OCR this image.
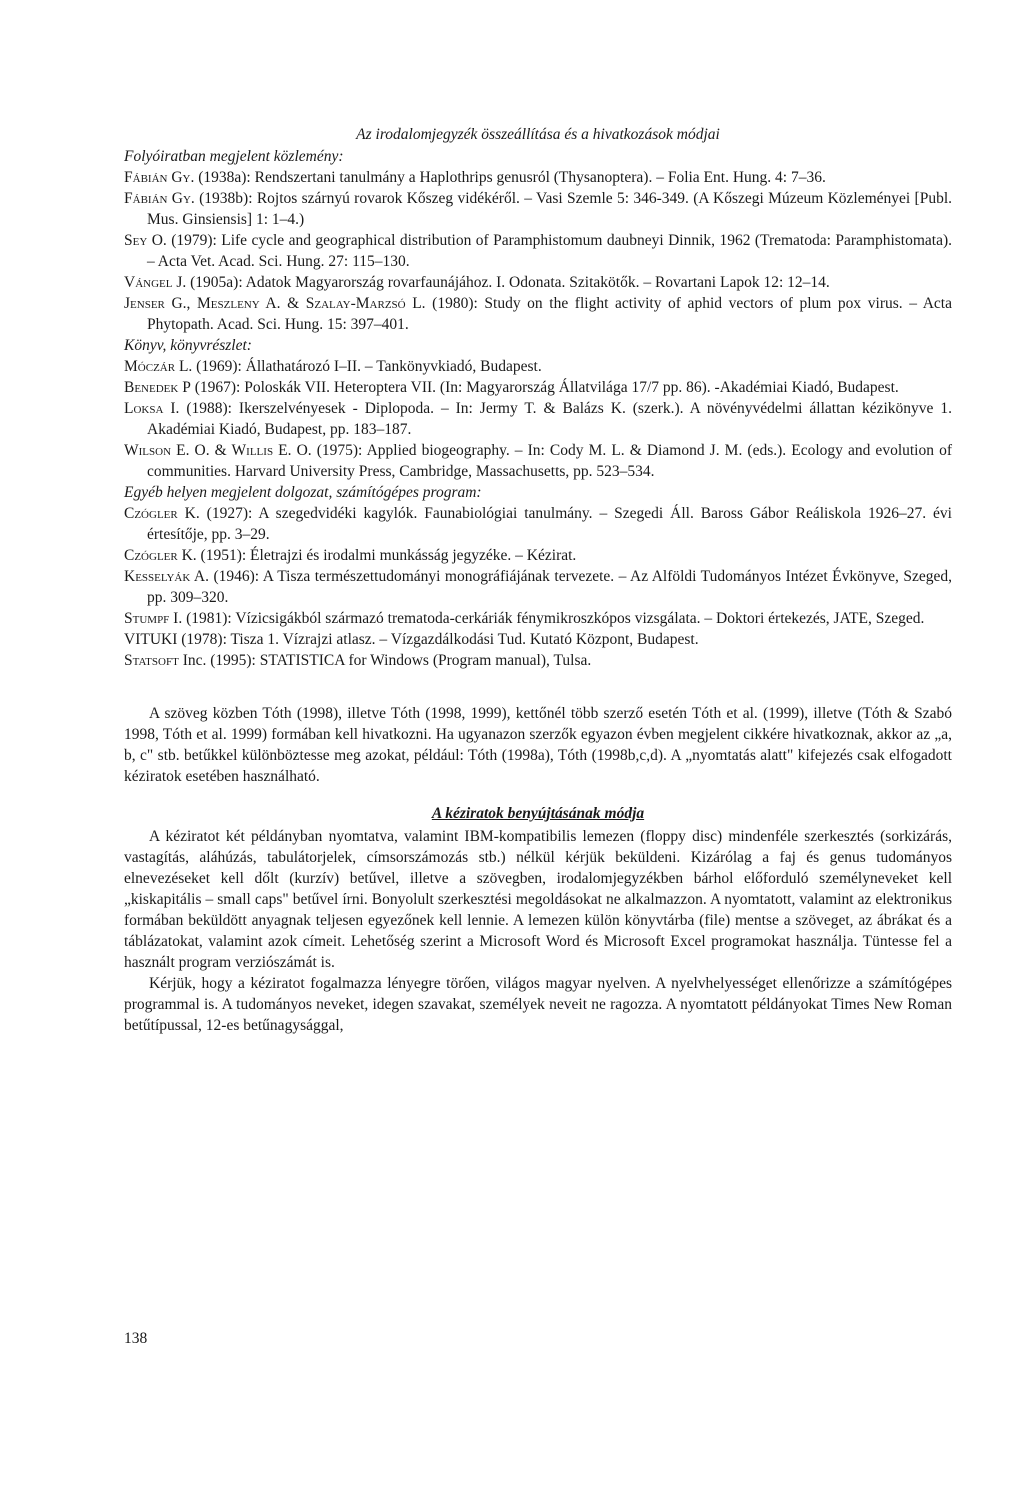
Az irodalomjegyzék összeállítása és a hivatkozások módjai
Folyóiratban megjelent közlemény:
Fábián Gy. (1938a): Rendszertani tanulmány a Haplothrips genusról (Thysanoptera). – Folia Ent. Hung. 4: 7–36.
Fábián Gy. (1938b): Rojtos szárnyú rovarok Kőszeg vidékéről. – Vasi Szemle 5: 346-349. (A Kőszegi Múzeum Közleményei [Publ. Mus. Ginsiensis] 1: 1–4.)
Sey O. (1979): Life cycle and geographical distribution of Paramphistomum daubneyi Dinnik, 1962 (Trematoda: Paramphistomata). – Acta Vet. Acad. Sci. Hung. 27: 115–130.
Vángel J. (1905a): Adatok Magyarország rovarfaunájához. I. Odonata. Szitakötők. – Rovartani Lapok 12: 12–14.
Jenser G., Meszleny A. & Szalay-Marzsó L. (1980): Study on the flight activity of aphid vectors of plum pox virus. – Acta Phytopath. Acad. Sci. Hung. 15: 397–401.
Könyv, könyvrészlet:
Móczár L. (1969): Állathatározó I–II. – Tankönyvkiadó, Budapest.
Benedek P (1967): Poloskák VII. Heteroptera VII. (In: Magyarország Állatvilága 17/7 pp. 86). -Akadémiai Kiadó, Budapest.
Loksa I. (1988): Ikerszelvényesek - Diplopoda. – In: Jermy T. & Balázs K. (szerk.). A növényvédelmi állattan kézikönyve 1. Akadémiai Kiadó, Budapest, pp. 183–187.
Wilson E. O. & Willis E. O. (1975): Applied biogeography. – In: Cody M. L. & Diamond J. M. (eds.). Ecology and evolution of communities. Harvard University Press, Cambridge, Massachusetts, pp. 523–534.
Egyéb helyen megjelent dolgozat, számítógépes program:
Czógler K. (1927): A szegedvidéki kagylók. Faunabiológiai tanulmány. – Szegedi Áll. Baross Gábor Reáliskola 1926–27. évi értesítője, pp. 3–29.
Czógler K. (1951): Életrajzi és irodalmi munkásság jegyzéke. – Kézirat.
Kesselyák A. (1946): A Tisza természettudományi monográfiájának tervezete. – Az Alföldi Tudományos Intézet Évkönyve, Szeged, pp. 309–320.
Stumpf I. (1981): Vízicsigákból származó trematoda-cerkáriák fénymikroszkópos vizsgálata. – Doktori értekezés, JATE, Szeged.
VITUKI (1978): Tisza 1. Vízrajzi atlasz. – Vízgazdálkodási Tud. Kutató Központ, Budapest.
Statsoft Inc. (1995): STATISTICA for Windows (Program manual), Tulsa.

A szöveg közben Tóth (1998), illetve Tóth (1998, 1999), kettőnél több szerző esetén Tóth et al. (1999), illetve (Tóth & Szabó 1998, Tóth et al. 1999) formában kell hivatkozni. Ha ugyanazon szerzők egyazon évben megjelent cikkére hivatkoznak, akkor az „a, b, c" stb. betűkkel különböztesse meg azokat, például: Tóth (1998a), Tóth (1998b,c,d). A „nyomtatás alatt" kifejezés csak elfogadott kéziratok esetében használható.

A kéziratok benyújtásának módja

A kéziratot két példányban nyomtatva, valamint IBM-kompatibilis lemezen (floppy disc) mindenféle szerkesztés (sorkizárás, vastagítás, aláhúzás, tabulátorjelek, címsorszámozás stb.) nélkül kérjük beküldeni. Kizárólag a faj és genus tudományos elnevezéseket kell dőlt (kurzív) betűvel, illetve a szövegben, irodalomjegyzékben bárhol előforduló személyneveket kell „kiskapitális – small caps" betűvel írni. Bonyolult szerkesztési megoldásokat ne alkalmazzon. A nyomtatott, valamint az elektronikus formában beküldött anyagnak teljesen egyezőnek kell lennie. A lemezen külön könyvtárba (file) mentse a szöveget, az ábrákat és a táblázatokat, valamint azok címeit. Lehetőség szerint a Microsoft Word és Microsoft Excel programokat használja. Tüntesse fel a használt program verziószámát is.

Kérjük, hogy a kéziratot fogalmazza lényegre törően, világos magyar nyelven. A nyelvhelyességet ellenőrizze a számítógépes programmal is. A tudományos neveket, idegen szavakat, személyek neveit ne ragozza. A nyomtatott példányokat Times New Roman betűtípussal, 12-es betűnagysággal,

138
